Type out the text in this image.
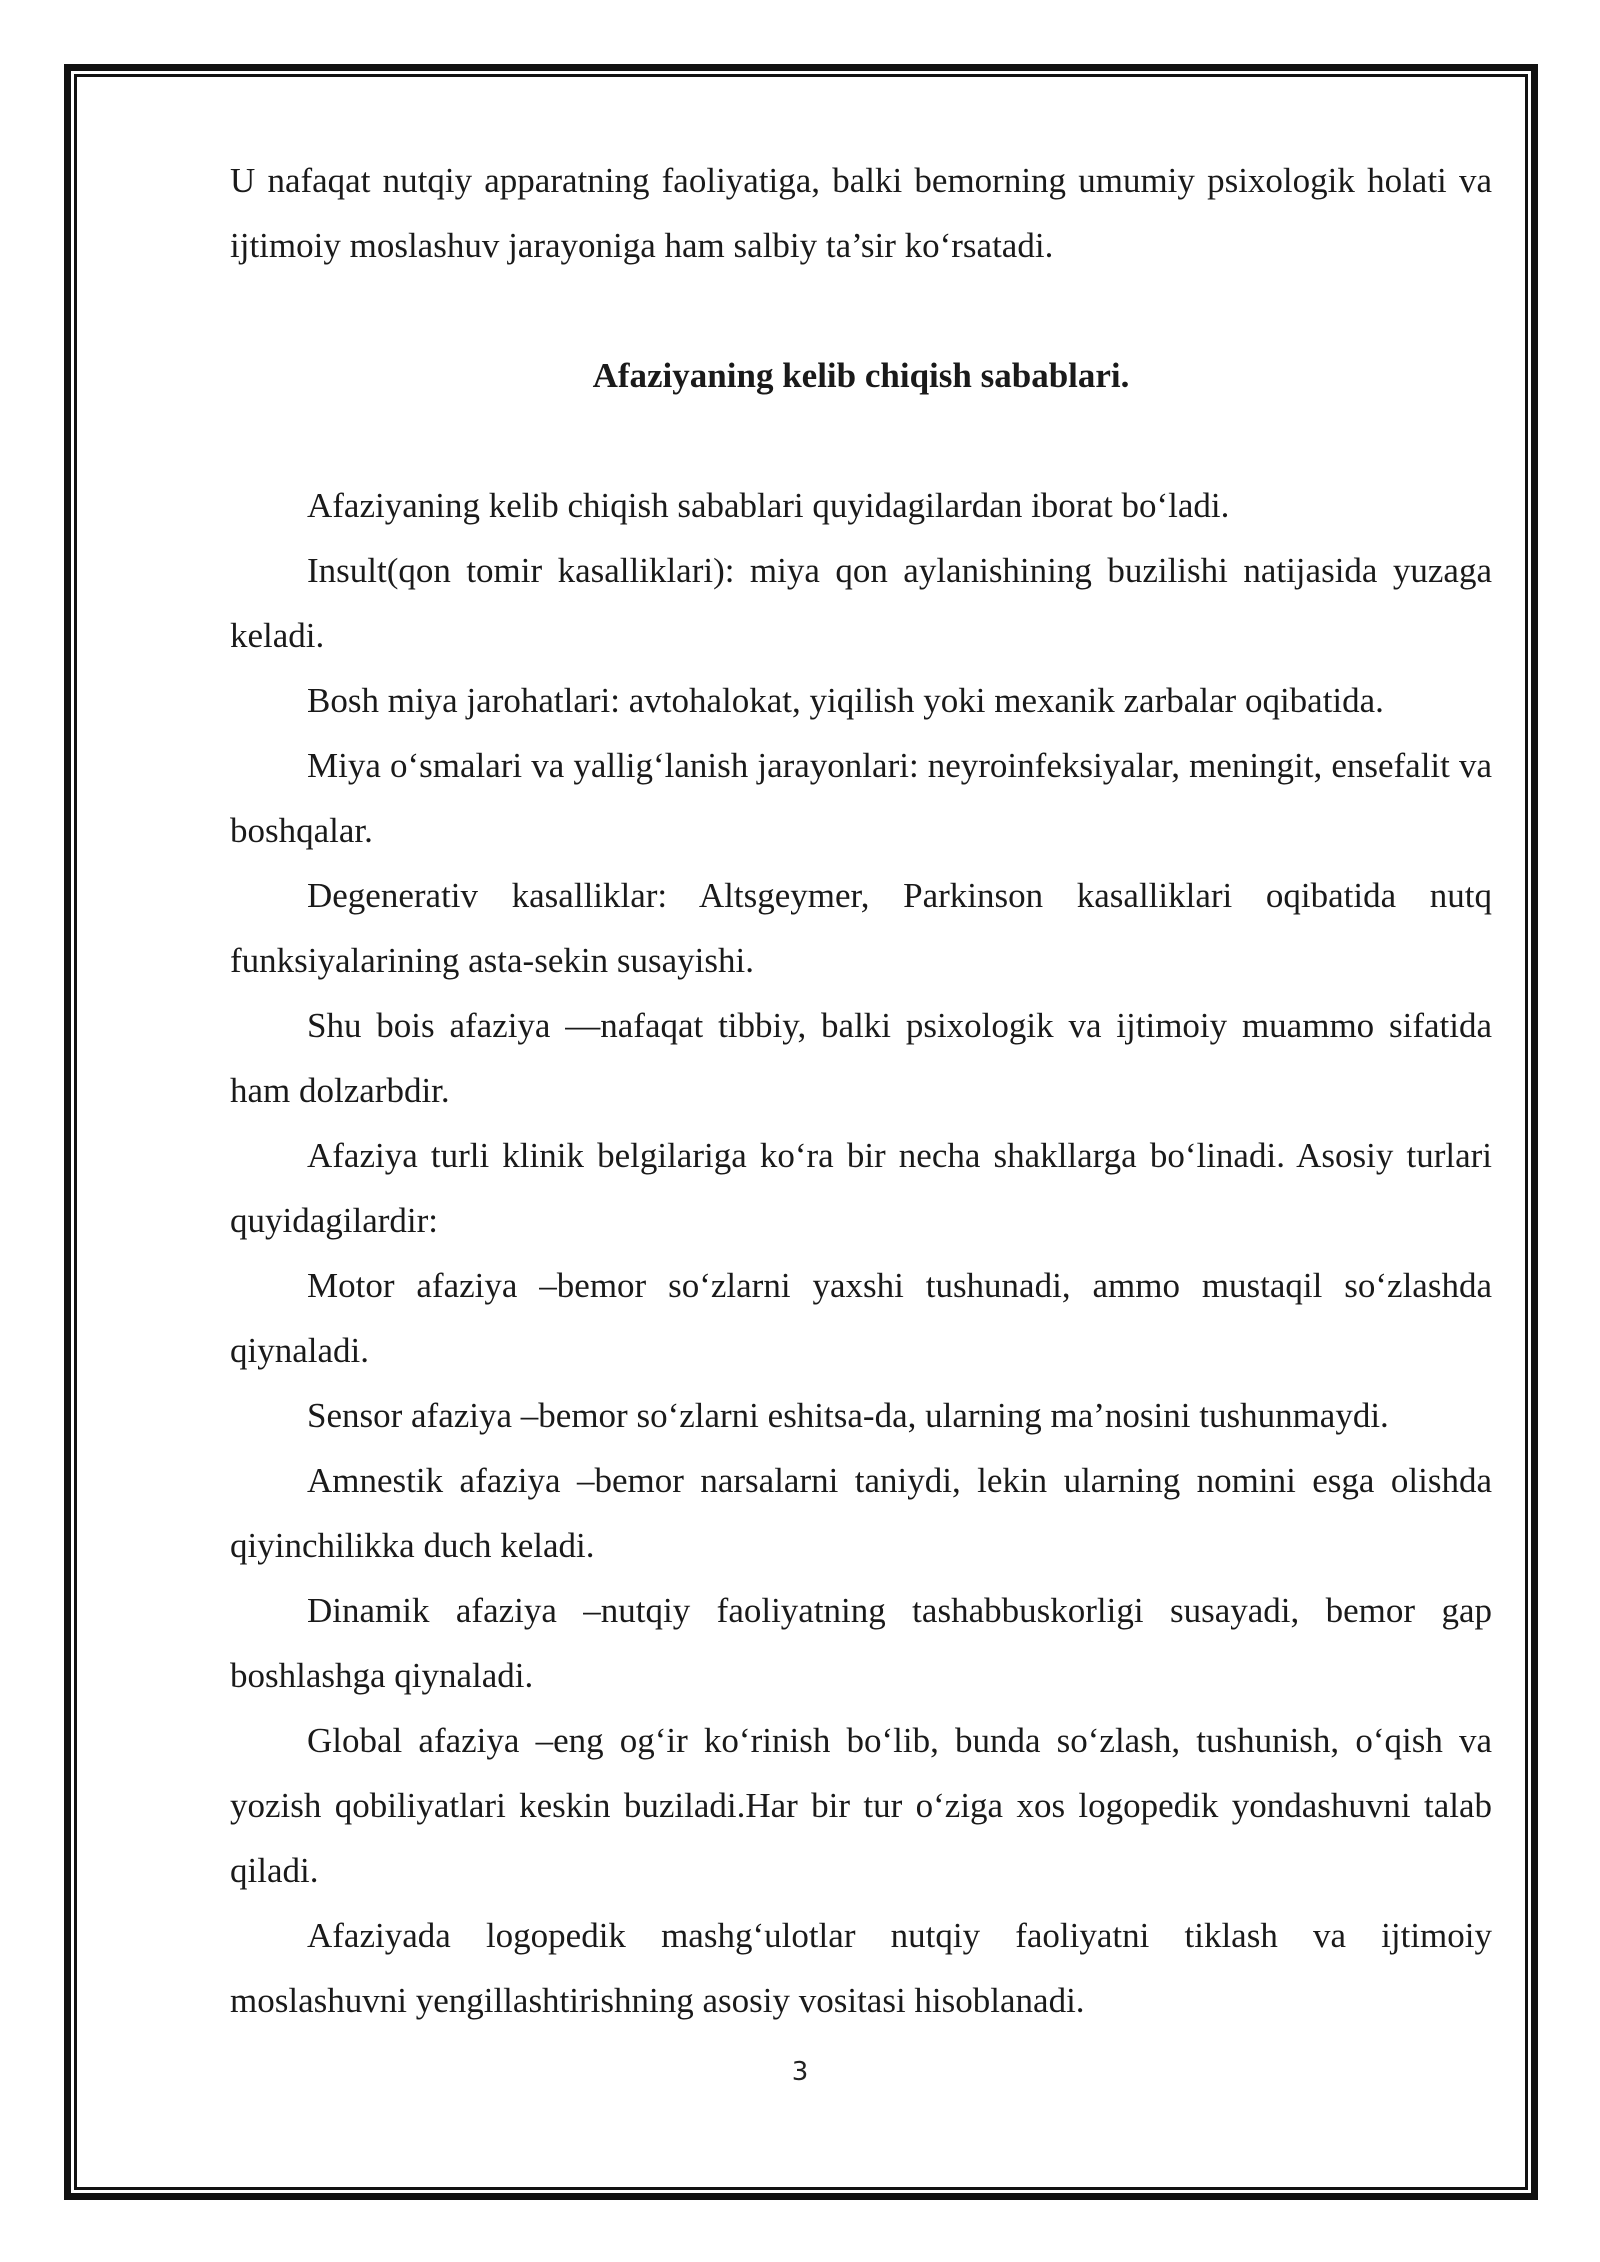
U nafaqat nutqiy apparatning faoliyatiga, balki bemorning umumiy psixologik holati va ijtimoiy moslashuv jarayoniga ham salbiy ta’sir ko‘rsatadi.

Afaziyaning kelib chiqish sabablari.

Afaziyaning kelib chiqish sabablari quyidagilardan iborat bo‘ladi.

Insult(qon tomir kasalliklari): miya qon aylanishining buzilishi natijasida yuzaga keladi.

Bosh miya jarohatlari: avtohalokat, yiqilish yoki mexanik zarbalar oqibatida.

Miya o‘smalari va yallig‘lanish jarayonlari: neyroinfeksiyalar, meningit, ensefalit va boshqalar.

Degenerativ kasalliklar: Altsgeymer, Parkinson kasalliklari oqibatida nutq funksiyalarining asta-sekin susayishi.

Shu bois afaziya —nafaqat tibbiy, balki psixologik va ijtimoiy muammo sifatida ham dolzarbdir.

Afaziya turli klinik belgilariga ko‘ra bir necha shakllarga bo‘linadi. Asosiy turlari quyidagilardir:

Motor afaziya –bemor so‘zlarni yaxshi tushunadi, ammo mustaqil so‘zlashda qiynaladi.

Sensor afaziya –bemor so‘zlarni eshitsa-da, ularning ma’nosini tushunmaydi.

Amnestik afaziya –bemor narsalarni taniydi, lekin ularning nomini esga olishda qiyinchilikka duch keladi.

Dinamik afaziya –nutqiy faoliyatning tashabbuskorligi susayadi, bemor gap boshlashga qiynaladi.

Global afaziya –eng og‘ir ko‘rinish bo‘lib, bunda so‘zlash, tushunish, o‘qish va yozish qobiliyatlari keskin buziladi.Har bir tur o‘ziga xos logopedik yondashuvni talab qiladi.

Afaziyada logopedik mashg‘ulotlar nutqiy faoliyatni tiklash va ijtimoiy moslashuvni yengillashtirishning asosiy vositasi hisoblanadi.

3
